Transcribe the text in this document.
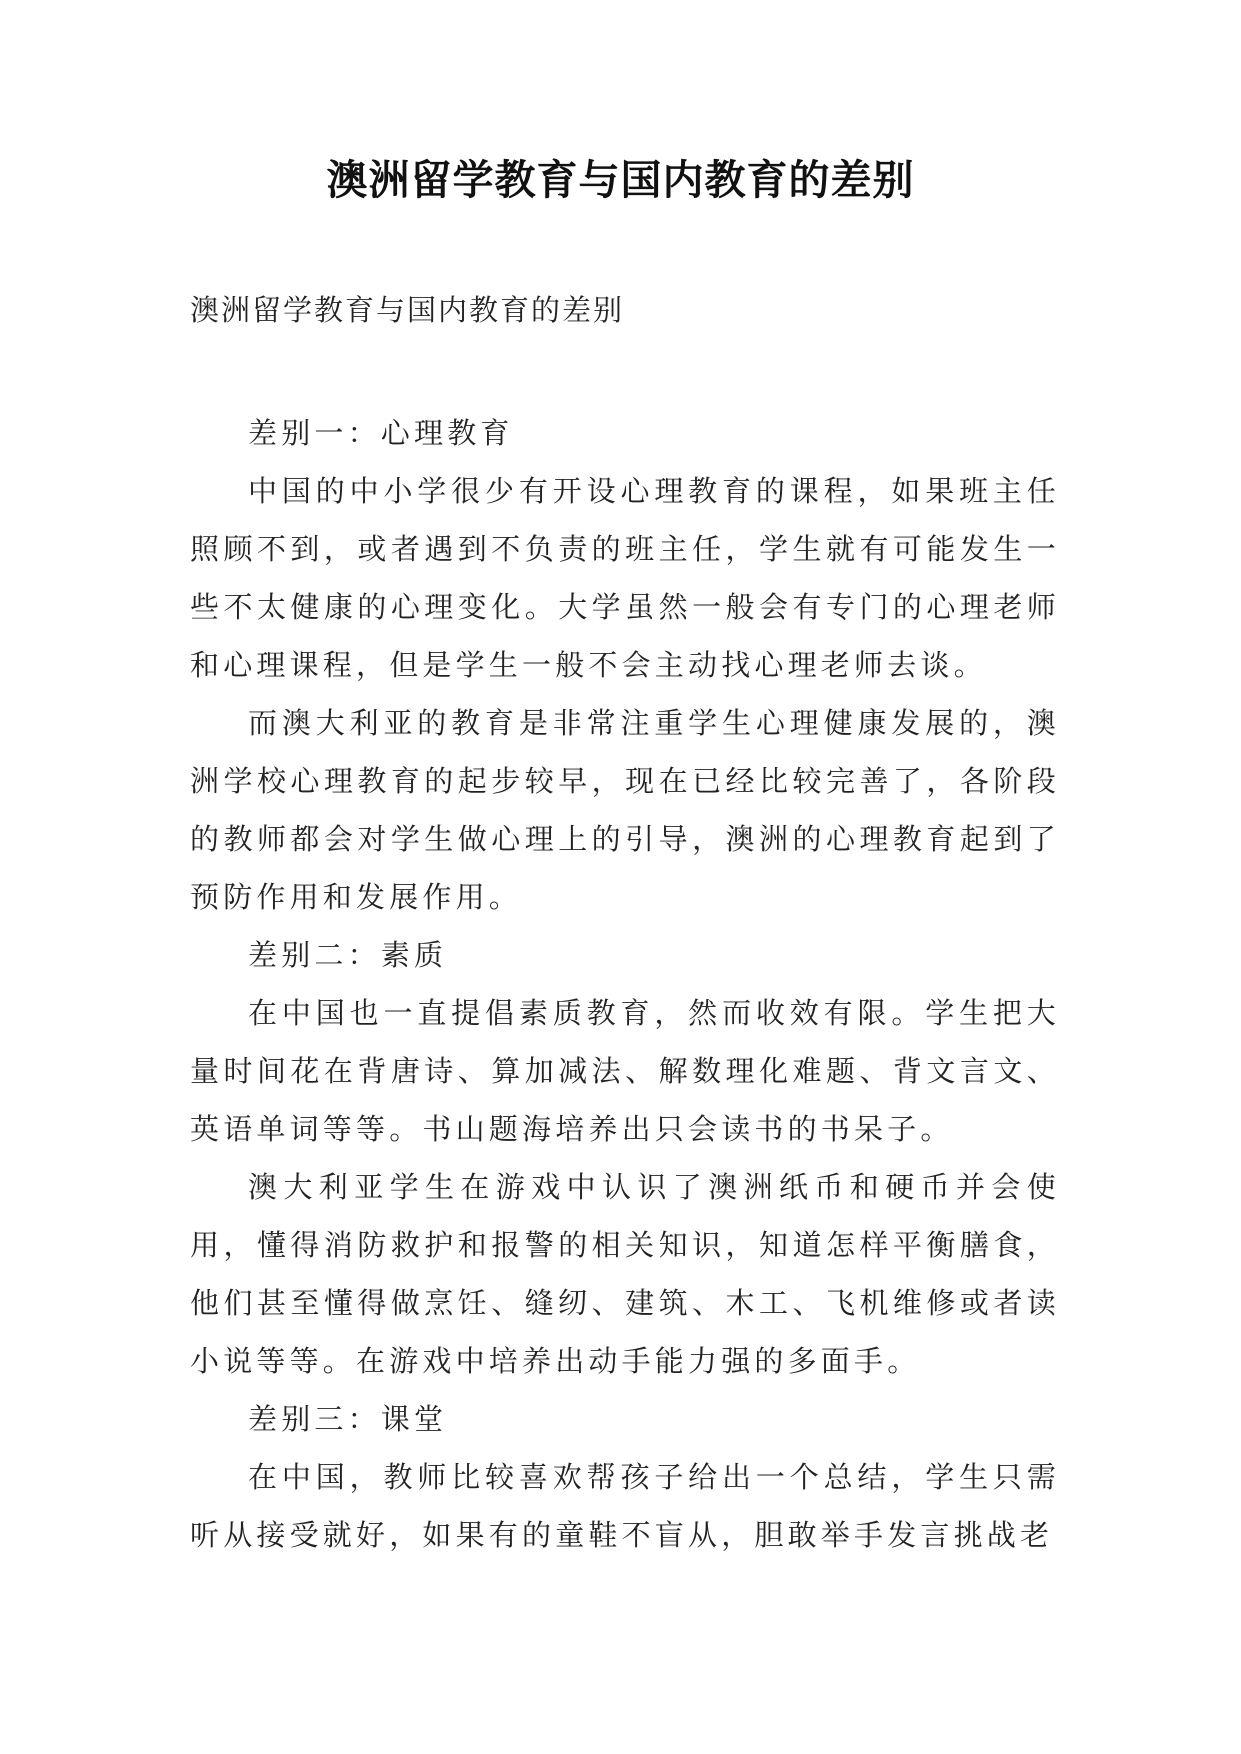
澳洲留学教育与国内教育的差别
澳洲留学教育与国内教育的差别

差别一：心理教育

中国的中小学很少有开设心理教育的课程，如果班主任照顾不到，或者遇到不负责的班主任，学生就有可能发生一些不太健康的心理变化。大学虽然一般会有专门的心理老师和心理课程，但是学生一般不会主动找心理老师去谈。

而澳大利亚的教育是非常注重学生心理健康发展的，澳洲学校心理教育的起步较早，现在已经比较完善了，各阶段的教师都会对学生做心理上的引导，澳洲的心理教育起到了预防作用和发展作用。

差别二：素质

在中国也一直提倡素质教育，然而收效有限。学生把大量时间花在背唐诗、算加减法、解数理化难题、背文言文、英语单词等等。书山题海培养出只会读书的书呆子。

澳大利亚学生在游戏中认识了澳洲纸币和硬币并会使用，懂得消防救护和报警的相关知识，知道怎样平衡膳食，他们甚至懂得做烹饪、缝纫、建筑、木工、飞机维修或者读小说等等。在游戏中培养出动手能力强的多面手。

差别三：课堂

在中国，教师比较喜欢帮孩子给出一个总结，学生只需听从接受就好，如果有的童鞋不盲从，胆敢举手发言挑战老
